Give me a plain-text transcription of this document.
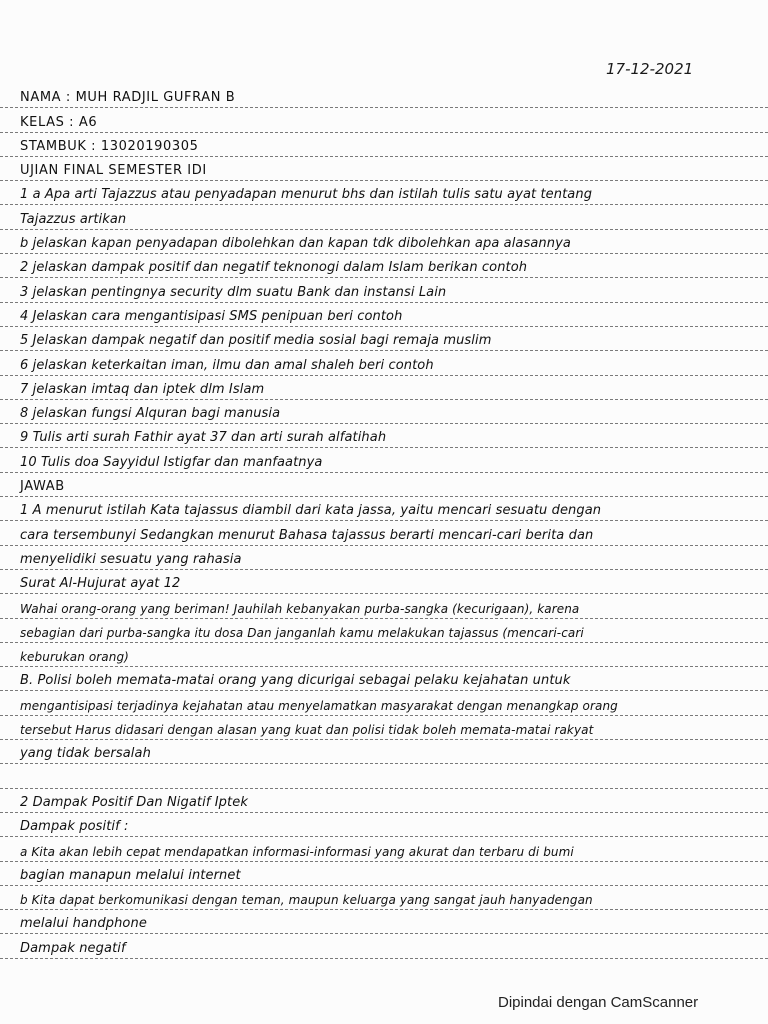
17-12-2021
NAMA : MUH RADJIL GUFRAN B
KELAS : A6
STAMBUK : 13020190305
UJIAN FINAL SEMESTER IDI
1 a Apa arti Tajazzus atau penyadapan menurut bhs dan istilah tulis satu ayat tentang
Tajazzus artikan
b jelaskan kapan penyadapan dibolehkan dan kapan tdk dibolehkan apa alasannya
2 jelaskan dampak positif dan negatif teknonogi dalam Islam berikan contoh
3 jelaskan pentingnya security dlm suatu Bank dan instansi Lain
4 Jelaskan cara mengantisipasi SMS penipuan beri contoh
5 Jelaskan dampak negatif dan positif media sosial bagi remaja muslim
6 jelaskan keterkaitan iman, ilmu dan amal shaleh beri contoh
7 jelaskan imtaq dan iptek dlm Islam
8 jelaskan fungsi Alquran bagi manusia
9 Tulis arti surah Fathir ayat 37 dan arti surah alfatihah
10 Tulis doa Sayyidul Istigfar dan manfaatnya
JAWAB
1 A menurut istilah Kata tajassus diambil dari kata jassa, yaitu mencari sesuatu dengan
cara tersembunyi Sedangkan menurut Bahasa tajassus berarti mencari-cari berita dan
menyelidiki sesuatu yang rahasia
Surat Al-Hujurat ayat 12
Wahai orang-orang yang beriman! Jauhilah kebanyakan purba-sangka (kecurigaan), karena
sebagian dari purba-sangka itu dosa Dan janganlah kamu melakukan tajassus (mencari-cari
keburukan orang)
B. Polisi boleh memata-matai orang yang dicurigai sebagai pelaku kejahatan untuk
mengantisipasi terjadinya kejahatan atau menyelamatkan masyarakat dengan menangkap orang
tersebut Harus didasari dengan alasan yang kuat dan polisi tidak boleh memata-matai rakyat
yang tidak bersalah
2 Dampak Positif Dan Nigatif Iptek
Dampak positif :
a Kita akan lebih cepat mendapatkan informasi-informasi yang akurat dan terbaru di bumi
bagian manapun melalui internet
b Kita dapat berkomunikasi dengan teman, maupun keluarga yang sangat jauh hanyadengan
melalui handphone
Dampak negatif
Dipindai dengan CamScanner
